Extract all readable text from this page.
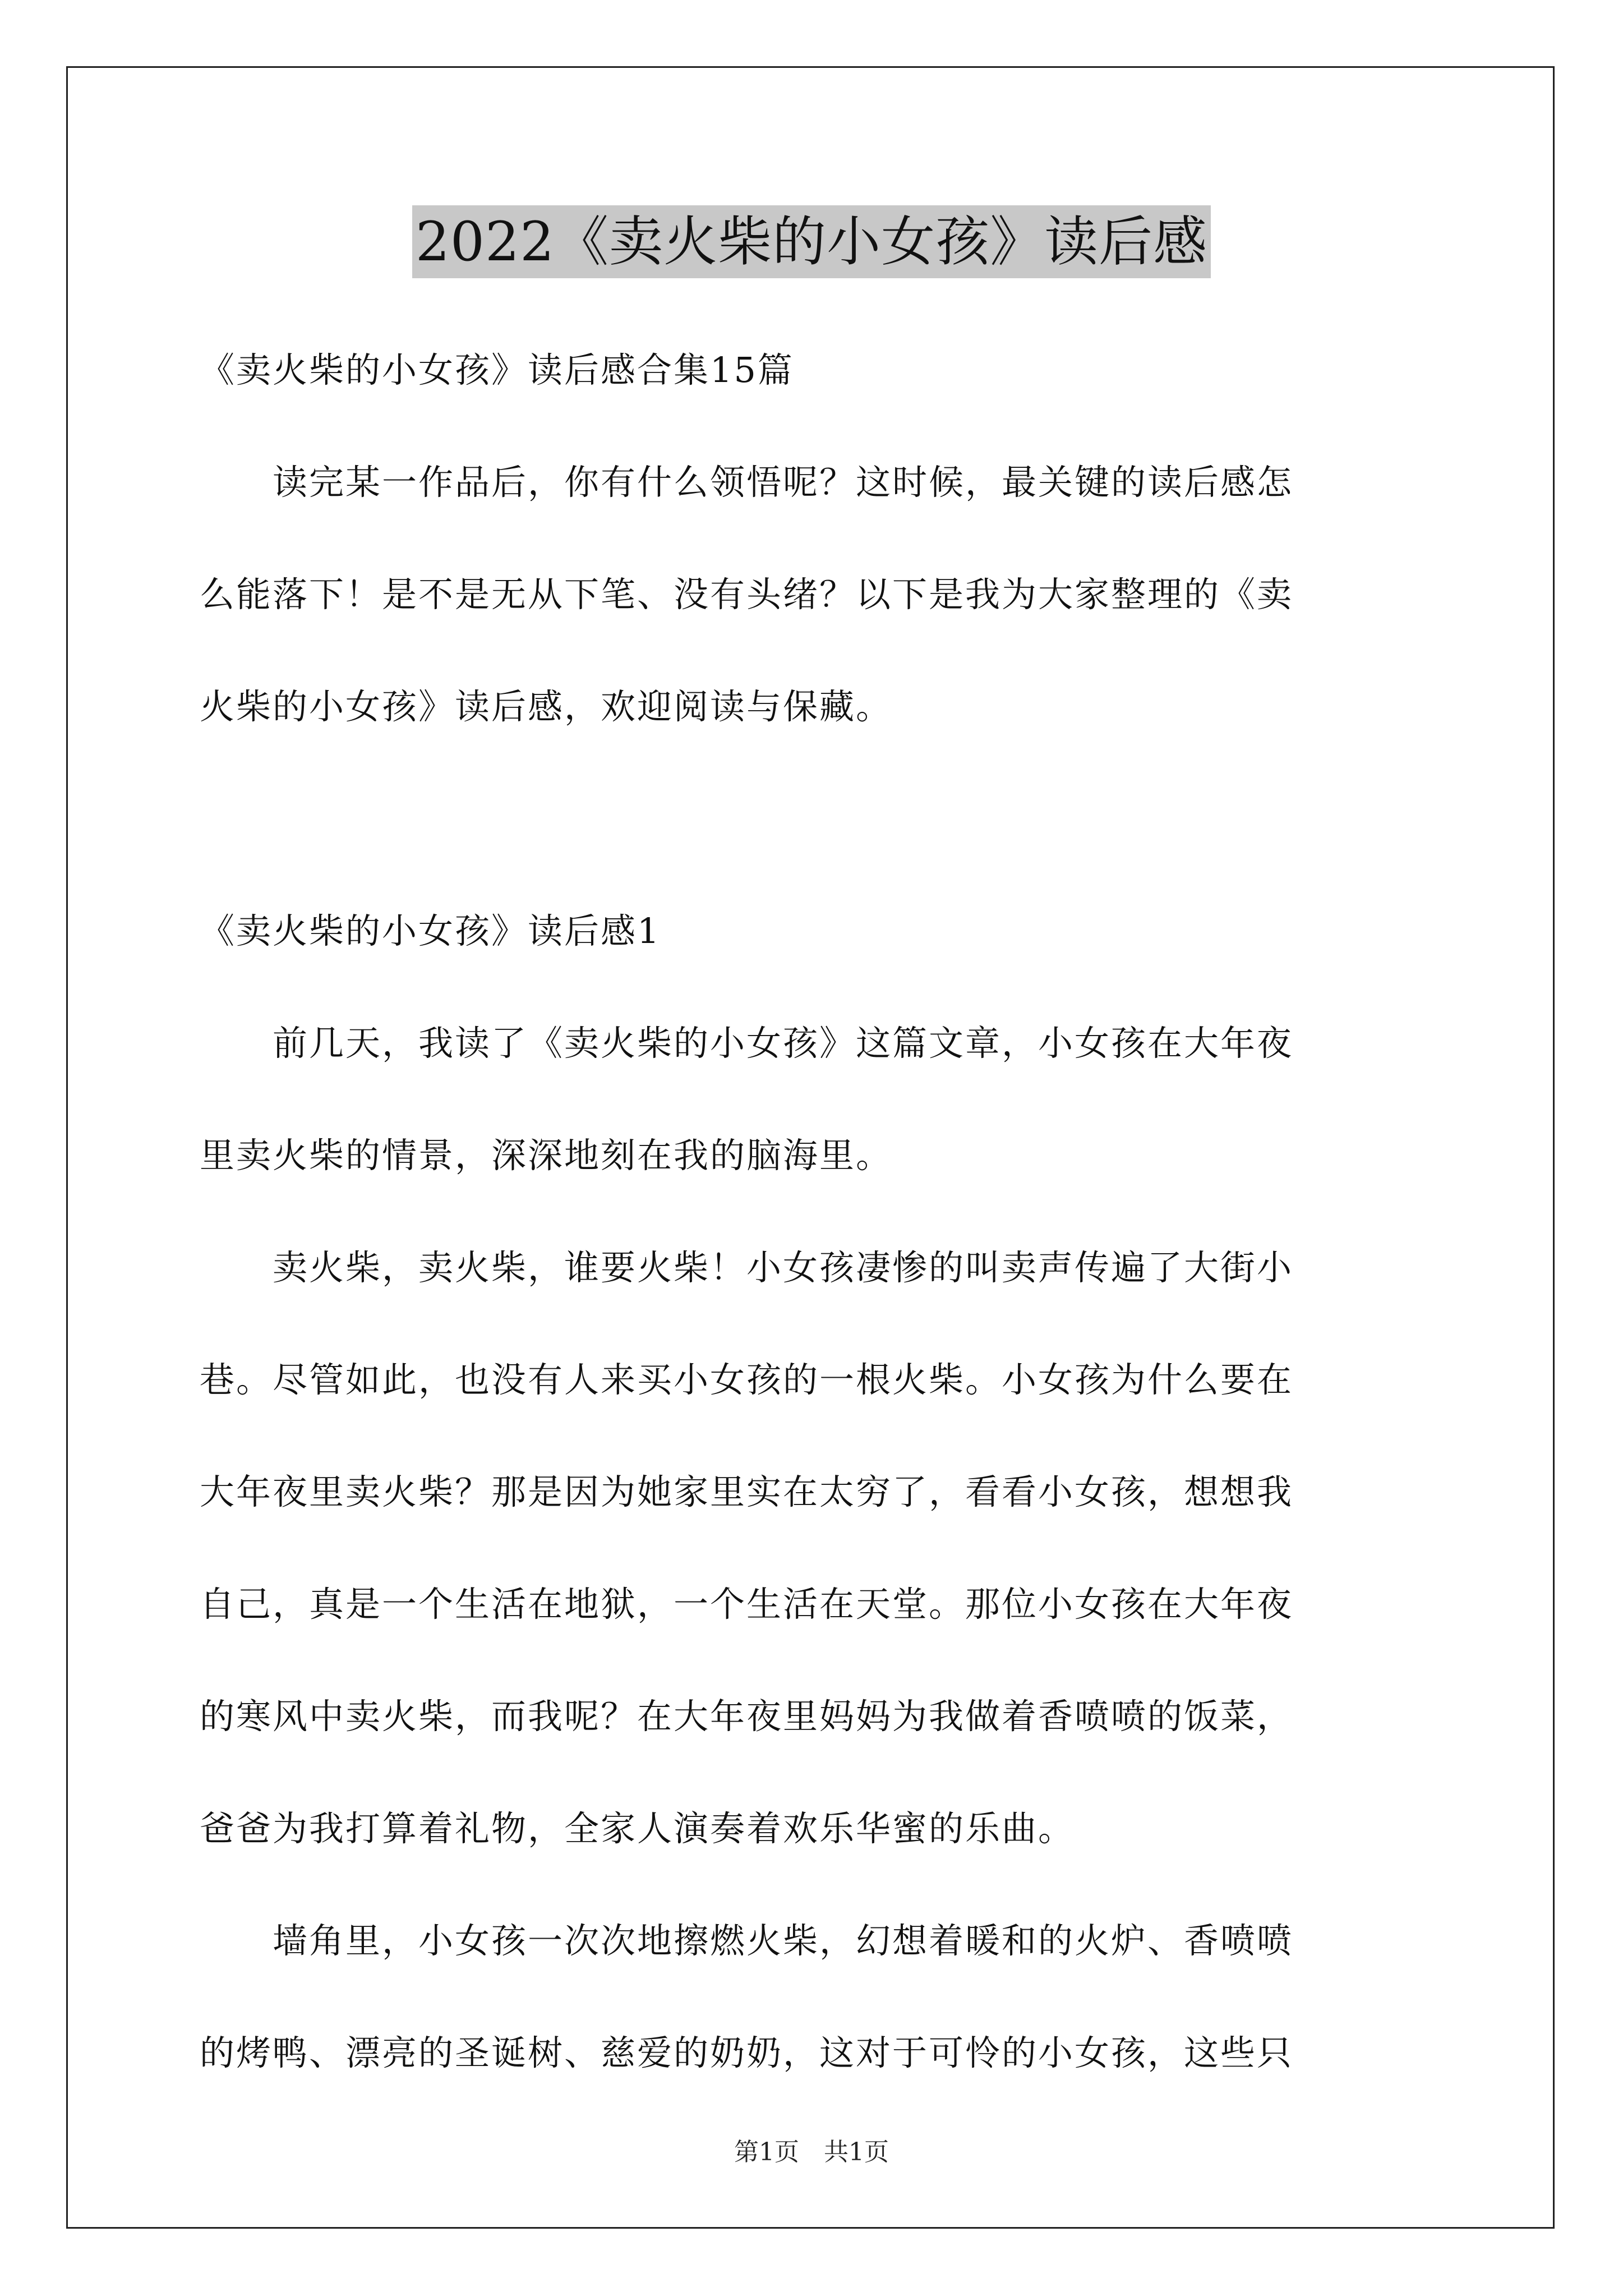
2022《卖火柴的小女孩》读后感

《卖火柴的小女孩》读后感合集15篇

　　读完某一作品后，你有什么领悟呢？这时候，最关键的读后感怎

么能落下！是不是无从下笔、没有头绪？以下是我为大家整理的《卖

火柴的小女孩》读后感，欢迎阅读与保藏。

《卖火柴的小女孩》读后感1

　　前几天，我读了《卖火柴的小女孩》这篇文章，小女孩在大年夜

里卖火柴的情景，深深地刻在我的脑海里。

　　卖火柴，卖火柴，谁要火柴！小女孩凄惨的叫卖声传遍了大街小

巷。尽管如此，也没有人来买小女孩的一根火柴。小女孩为什么要在

大年夜里卖火柴？那是因为她家里实在太穷了，看看小女孩，想想我

自己，真是一个生活在地狱，一个生活在天堂。那位小女孩在大年夜

的寒风中卖火柴，而我呢？在大年夜里妈妈为我做着香喷喷的饭菜，

爸爸为我打算着礼物，全家人演奏着欢乐华蜜的乐曲。

　　墙角里，小女孩一次次地擦燃火柴，幻想着暖和的火炉、香喷喷

的烤鸭、漂亮的圣诞树、慈爱的奶奶，这对于可怜的小女孩，这些只

第1页　共1页
